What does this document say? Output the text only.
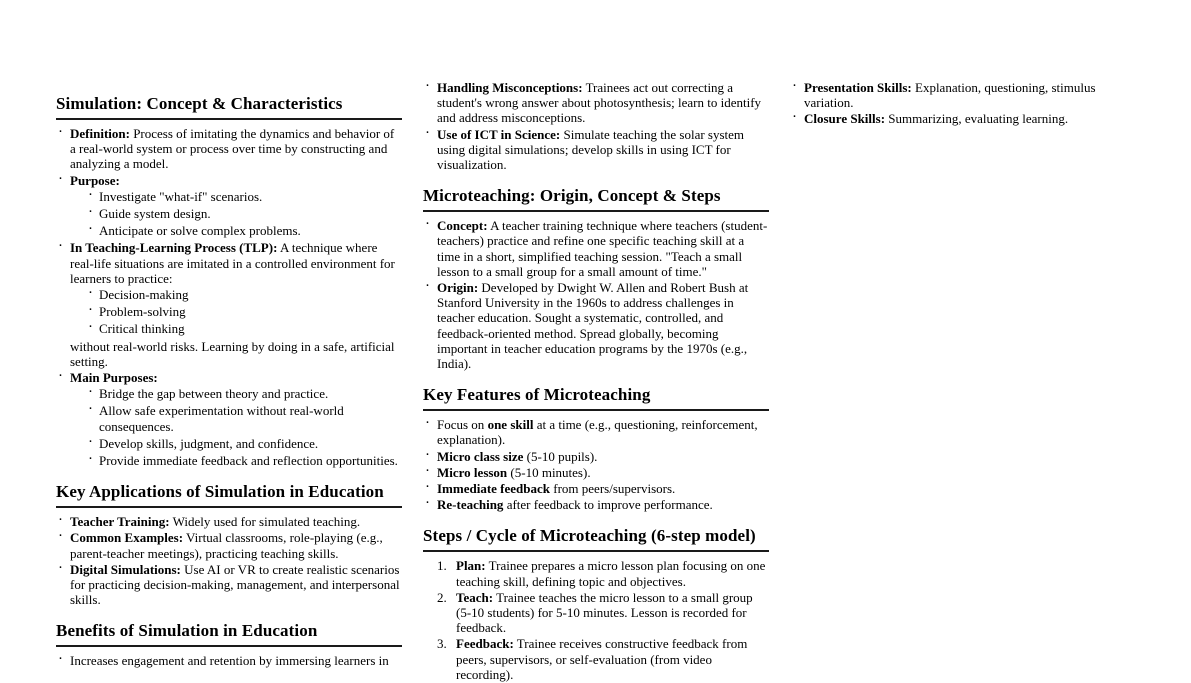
Simulation: Concept & Characteristics
· Definition: Process of imitating the dynamics and behavior of a real-world system or process over time by constructing and analyzing a model.
· Purpose:
· Investigate "what-if" scenarios.
· Guide system design.
· Anticipate or solve complex problems.
· In Teaching-Learning Process (TLP): A technique where real-life situations are imitated in a controlled environment for learners to practice:
· Decision-making
· Problem-solving
· Critical thinking
without real-world risks. Learning by doing in a safe, artificial setting.
· Main Purposes:
· Bridge the gap between theory and practice.
· Allow safe experimentation without real-world consequences.
· Develop skills, judgment, and confidence.
· Provide immediate feedback and reflection opportunities.
Key Applications of Simulation in Education
· Teacher Training: Widely used for simulated teaching.
· Common Examples: Virtual classrooms, role-playing (e.g., parent-teacher meetings), practicing teaching skills.
· Digital Simulations: Use AI or VR to create realistic scenarios for practicing decision-making, management, and interpersonal skills.
Benefits of Simulation in Education
· Increases engagement and retention by immersing learners in
· Handling Misconceptions: Trainees act out correcting a student's wrong answer about photosynthesis; learn to identify and address misconceptions.
· Use of ICT in Science: Simulate teaching the solar system using digital simulations; develop skills in using ICT for visualization.
Microteaching: Origin, Concept & Steps
· Concept: A teacher training technique where teachers (student-teachers) practice and refine one specific teaching skill at a time in a short, simplified teaching session. "Teach a small lesson to a small group for a small amount of time."
· Origin: Developed by Dwight W. Allen and Robert Bush at Stanford University in the 1960s to address challenges in teacher education. Sought a systematic, controlled, and feedback-oriented method. Spread globally, becoming important in teacher education programs by the 1970s (e.g., India).
Key Features of Microteaching
· Focus on one skill at a time (e.g., questioning, reinforcement, explanation).
· Micro class size (5-10 pupils).
· Micro lesson (5-10 minutes).
· Immediate feedback from peers/supervisors.
· Re-teaching after feedback to improve performance.
Steps / Cycle of Microteaching (6-step model)
Plan: Trainee prepares a micro lesson plan focusing on one teaching skill, defining topic and objectives.
Teach: Trainee teaches the micro lesson to a small group (5-10 students) for 5-10 minutes. Lesson is recorded for feedback.
Feedback: Trainee receives constructive feedback from peers, supervisors, or self-evaluation (from video recording).
· Presentation Skills: Explanation, questioning, stimulus variation.
· Closure Skills: Summarizing, evaluating learning.
